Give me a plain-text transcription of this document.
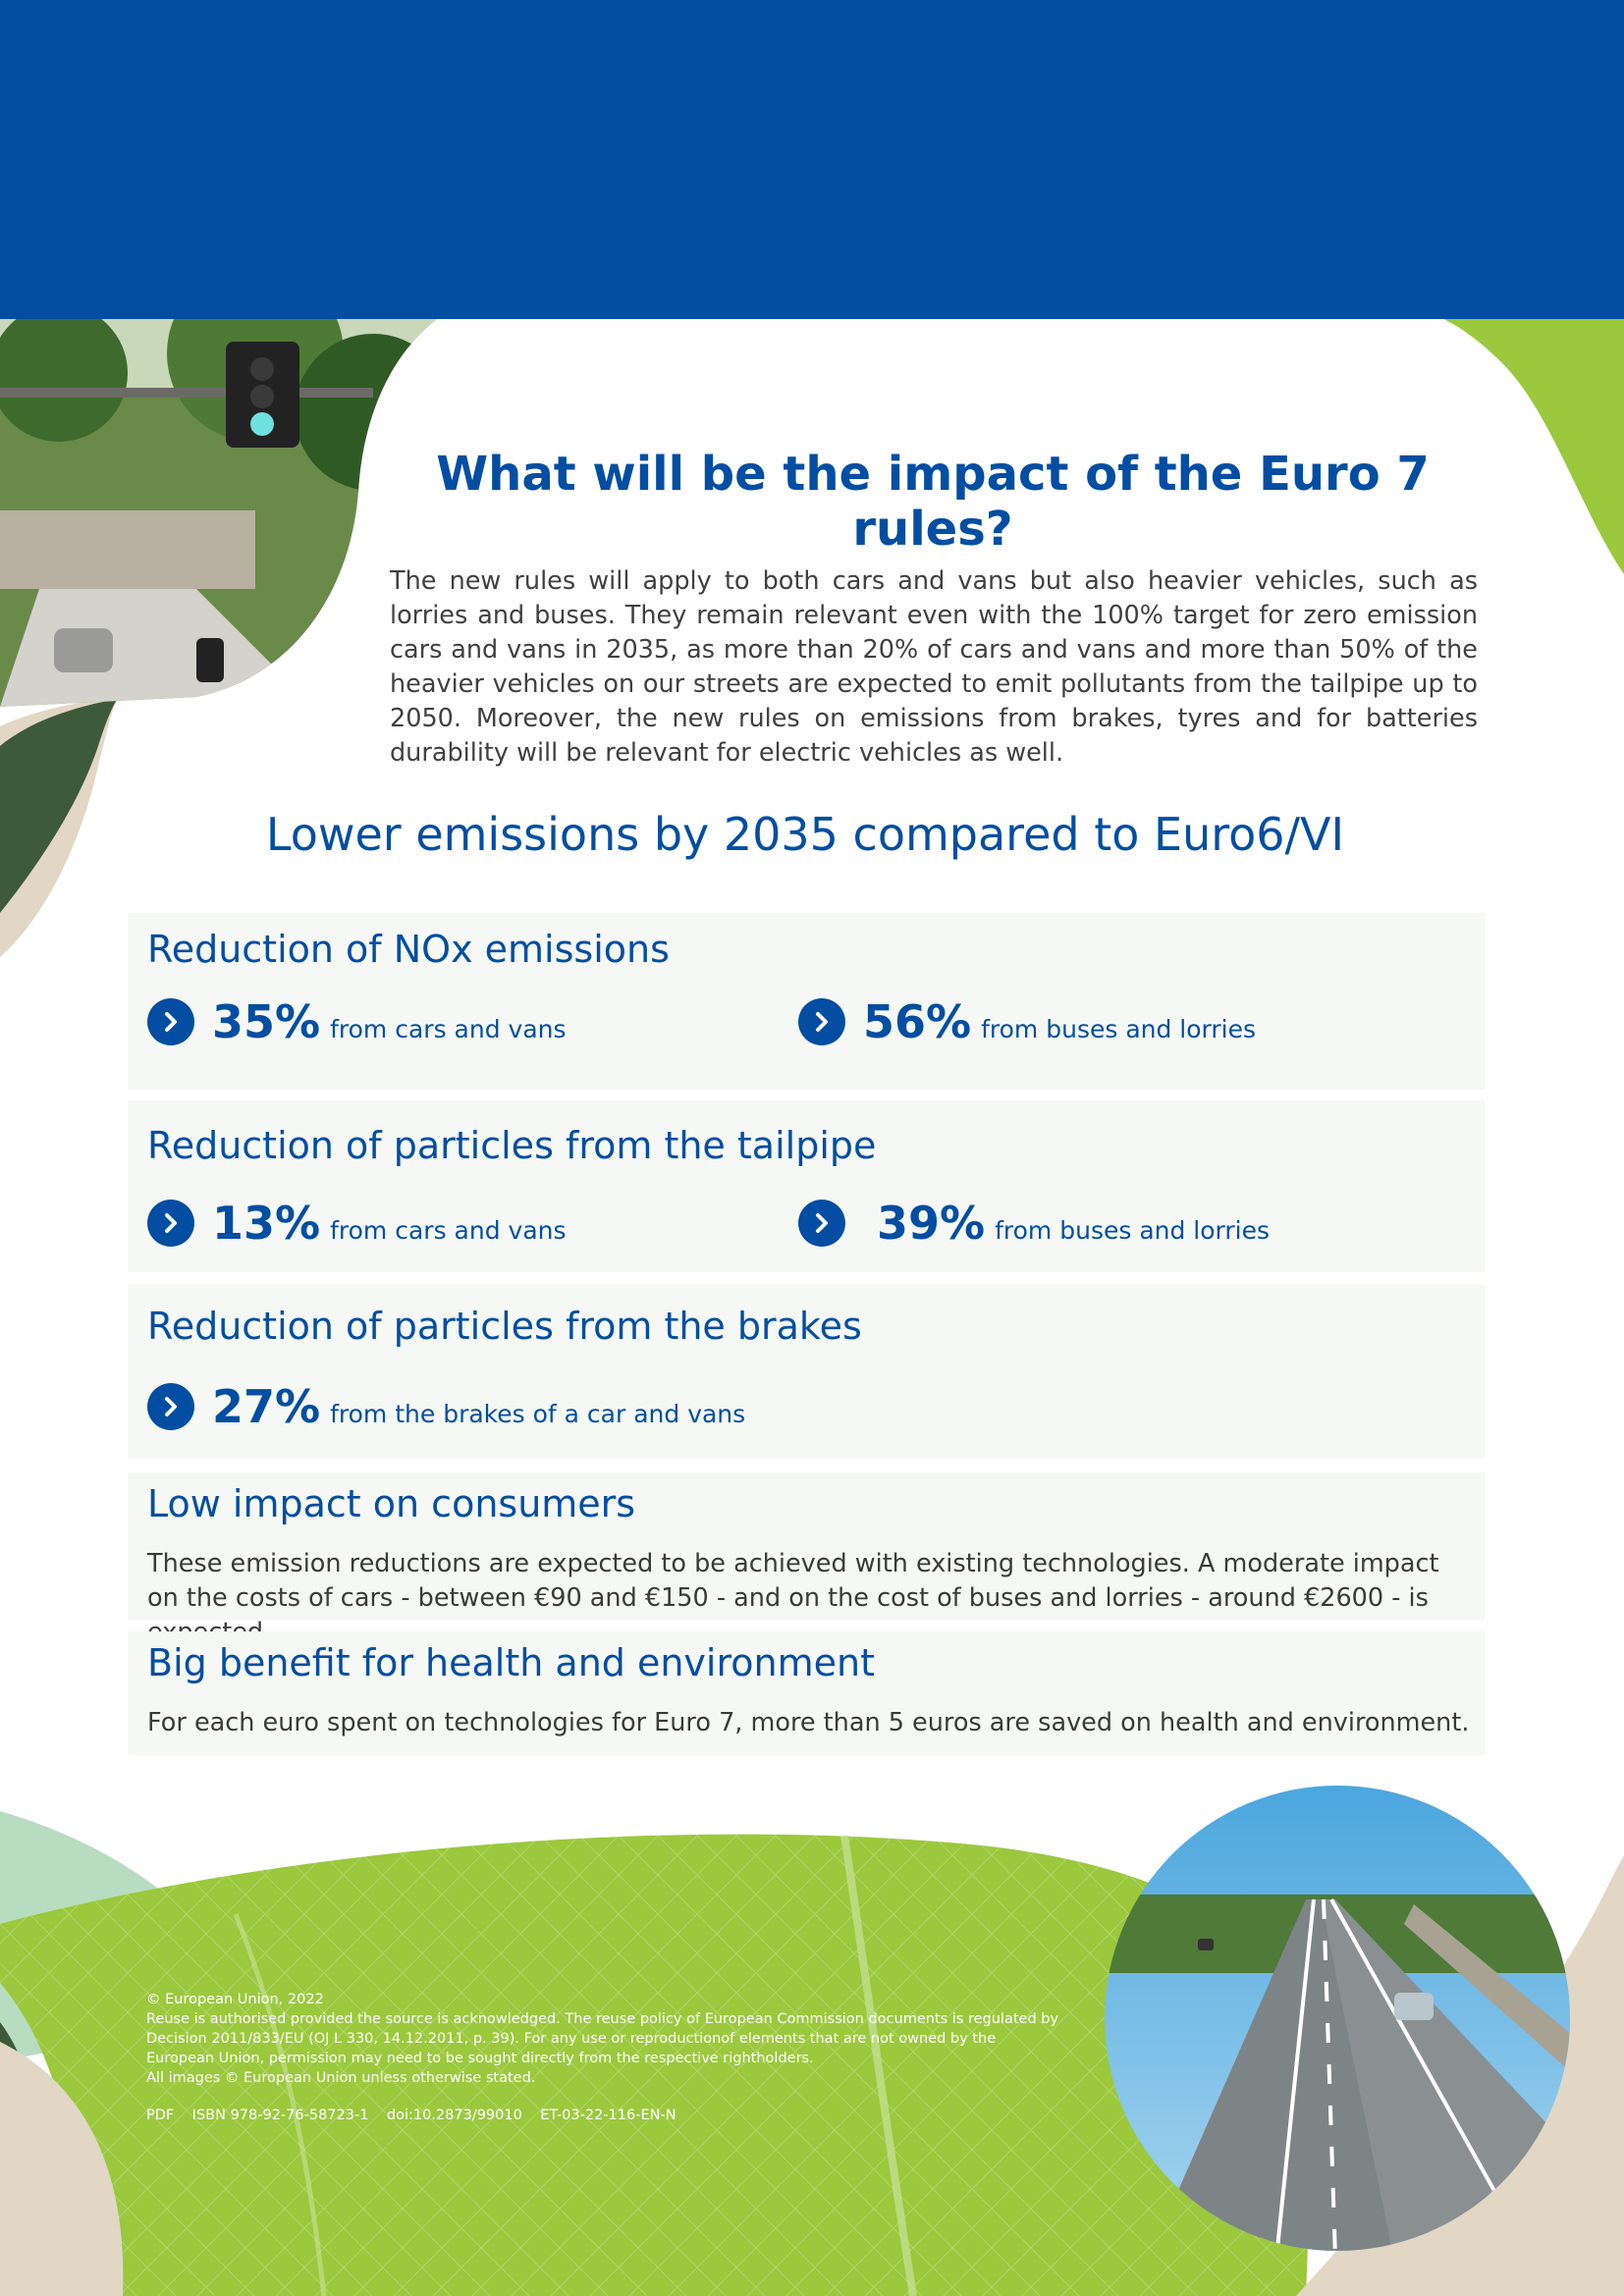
What will be the impact of the Euro 7 rules?

The new rules will apply to both cars and vans but also heavier vehicles, such as lorries and buses. They remain relevant even with the 100% target for zero emission cars and vans in 2035, as more than 20% of cars and vans and more than 50% of the heavier vehicles on our streets are expected to emit pollutants from the tailpipe up to 2050. Moreover, the new rules on emissions from brakes, tyres and for batteries durability will be relevant for electric vehicles as well.

Lower emissions by 2035 compared to Euro6/VI
Reduction of NOx emissions
35% from cars and vans	56% from buses and lorries
Reduction of particles from the tailpipe
13% from cars and vans	39% from buses and lorries
Reduction of particles from the brakes
27% from the brakes of a car and vans
Low impact on consumers

These emission reductions are expected to be achieved with existing technologies. A moderate impact on the costs of cars - between €90 and €150 - and on the cost of buses and lorries - around €2600 - is

Big benefit for health and environment

For each euro spent on technologies for Euro 7, more than 5 euros are saved on health and environment.

© European Union, 2022

Reuse is authorised provided the source is acknowledged. The reuse policy of European Commission documents is regulated by Decision 2011/833/EU (OJ L 330, 14.12.2011, p. 39). For any use or reproductionof elements that are not owned by the European Union, permission may need to be sought directly from the respective rightholders.

All images © European Union unless otherwise stated.

PDF    ISBN 978-92-76-58723-1    doi:10.2873/99010    ET-03-22-116-EN-N
